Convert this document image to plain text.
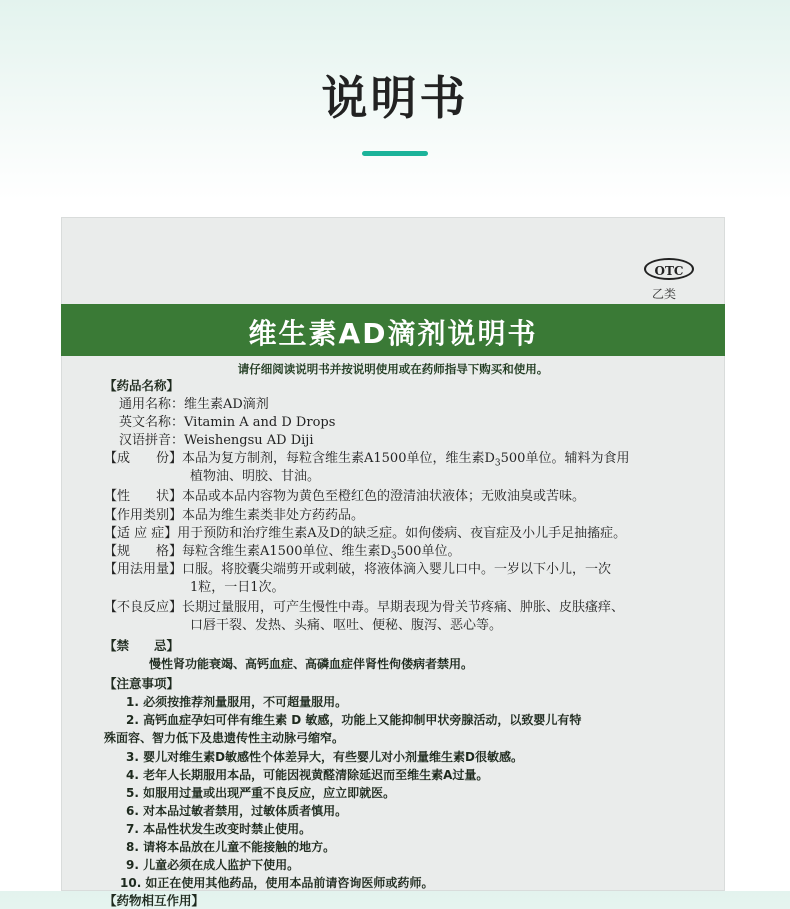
说明书
OTC
乙类
维生素AD滴剂说明书
请仔细阅读说明书并按说明使用或在药师指导下购买和使用。
【药品名称】
通用名称：维生素AD滴剂
英文名称：Vitamin A and D Drops
汉语拼音：Weishengsu AD Diji
【成　　份】本品为复方制剂，每粒含维生素A1500单位，维生素$D_3500$单位。辅料为食用
植物油、明胶、甘油。
【性　　状】本品或本品内容物为黄色至橙红色的澄清油状液体；无败油臭或苦味。
【作用类别】本品为维生素类非处方药药品。
【适 应 症】用于预防和治疗维生素A及D的缺乏症。如佝偻病、夜盲症及小儿手足抽搐症。
【规　　格】每粒含维生素A1500单位、维生素$D_3500$单位。
【用法用量】口服。将胶囊尖端剪开或剌破，将液体滴入婴儿口中。一岁以下小儿，一次
1粒，一日1次。
【不良反应】长期过量服用，可产生慢性中毒。早期表现为骨关节疼痛、肿胀、皮肤瘙痒、
口唇干裂、发热、头痛、呕吐、便秘、腹泻、恶心等。
【禁　　忌】
慢性肾功能衰竭、高钙血症、高磷血症伴肾性佝偻病者禁用。
【注意事项】
1. 必须按推荐剂量服用，不可超量服用。
2. 高钙血症孕妇可伴有维生素 D 敏感，功能上又能抑制甲状旁腺活动，以致婴儿有特
殊面容、智力低下及患遗传性主动脉弓缩窄。
3. 婴儿对维生素D敏感性个体差异大，有些婴儿对小剂量维生素D很敏感。
4. 老年人长期服用本品，可能因视黄醛清除延迟而至维生素A过量。
5. 如服用过量或出现严重不良反应，应立即就医。
6. 对本品过敏者禁用，过敏体质者慎用。
7. 本品性状发生改变时禁止使用。
8. 请将本品放在儿童不能接触的地方。
9. 儿童必须在成人监护下使用。
10. 如正在使用其他药品，使用本品前请咨询医师或药师。
【药物相互作用】
